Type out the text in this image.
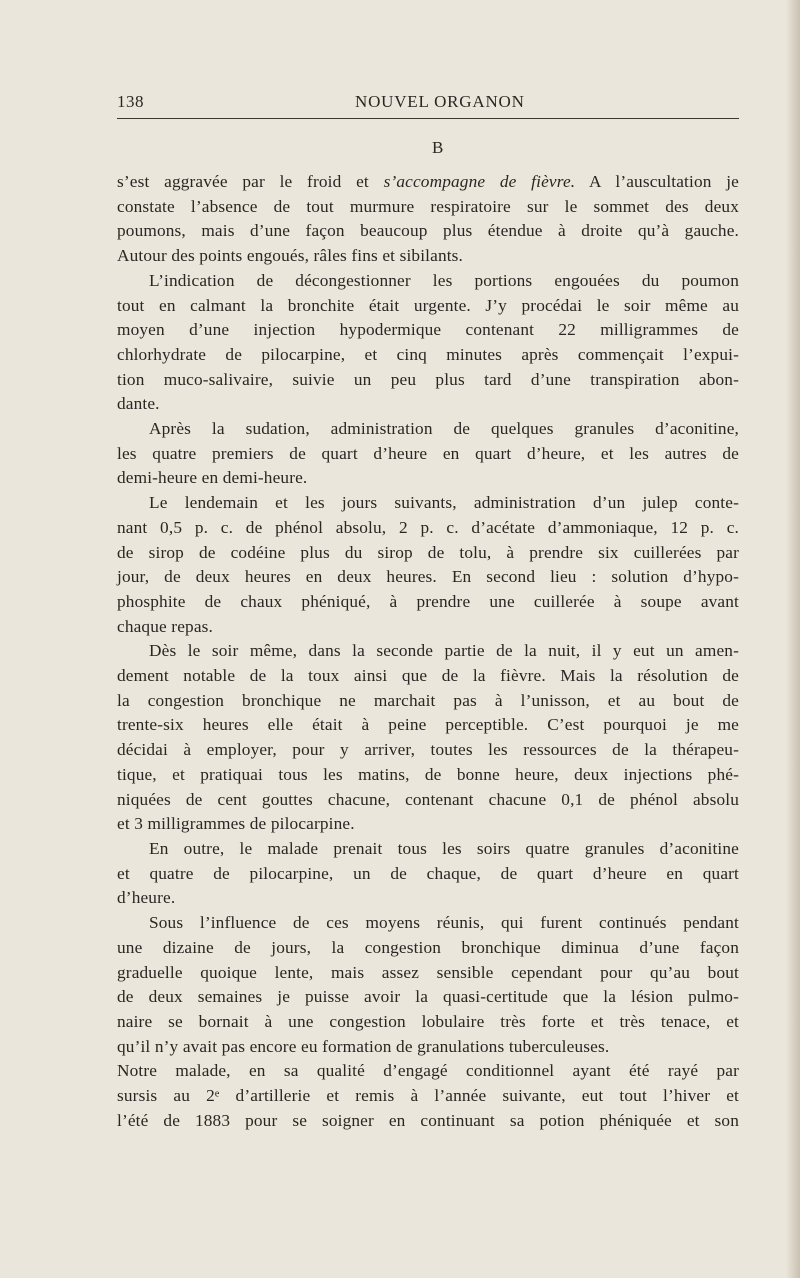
138	NOUVEL ORGANON
B

s’est aggravée par le froid et s’accompagne de fièvre. A l’auscultation je
constate l’absence de tout murmure respiratoire sur le sommet des deux
poumons, mais d’une façon beaucoup plus étendue à droite qu’à gauche.
Autour des points engoués, râles fins et sibilants.

L’indication de décongestionner les portions engouées du poumon
tout en calmant la bronchite était urgente. J’y procédai le soir même au
moyen d’une injection hypodermique contenant 22 milligrammes de
chlorhydrate de pilocarpine, et cinq minutes après commençait l’expui-
tion muco-salivaire, suivie un peu plus tard d’une transpiration abon-
dante.

Après la sudation, administration de quelques granules d’aconitine,
les quatre premiers de quart d’heure en quart d’heure, et les autres de
demi-heure en demi-heure.

Le lendemain et les jours suivants, administration d’un julep conte-
nant 0,5 p. c. de phénol absolu, 2 p. c. d’acétate d’ammoniaque, 12 p. c.
de sirop de codéine plus du sirop de tolu, à prendre six cuillerées par
jour, de deux heures en deux heures. En second lieu : solution d’hypo-
phosphite de chaux phéniqué, à prendre une cuillerée à soupe avant
chaque repas.

Dès le soir même, dans la seconde partie de la nuit, il y eut un amen-
dement notable de la toux ainsi que de la fièvre. Mais la résolution de
la congestion bronchique ne marchait pas à l’unisson, et au bout de
trente-six heures elle était à peine perceptible. C’est pourquoi je me
décidai à employer, pour y arriver, toutes les ressources de la thérapeu-
tique, et pratiquai tous les matins, de bonne heure, deux injections phé-
niquées de cent gouttes chacune, contenant chacune 0,1 de phénol absolu
et 3 milligrammes de pilocarpine.

En outre, le malade prenait tous les soirs quatre granules d’aconitine
et quatre de pilocarpine, un de chaque, de quart d’heure en quart
d’heure.

Sous l’influence de ces moyens réunis, qui furent continués pendant
une dizaine de jours, la congestion bronchique diminua d’une façon
graduelle quoique lente, mais assez sensible cependant pour qu’au bout
de deux semaines je puisse avoir la quasi-certitude que la lésion pulmo-
naire se bornait à une congestion lobulaire très forte et très tenace, et
qu’il n’y avait pas encore eu formation de granulations tuberculeuses.

Notre malade, en sa qualité d’engagé conditionnel ayant été rayé par
sursis au 2ᵉ d’artillerie et remis à l’année suivante, eut tout l’hiver et
l’été de 1883 pour se soigner en continuant sa potion phéniquée et son
